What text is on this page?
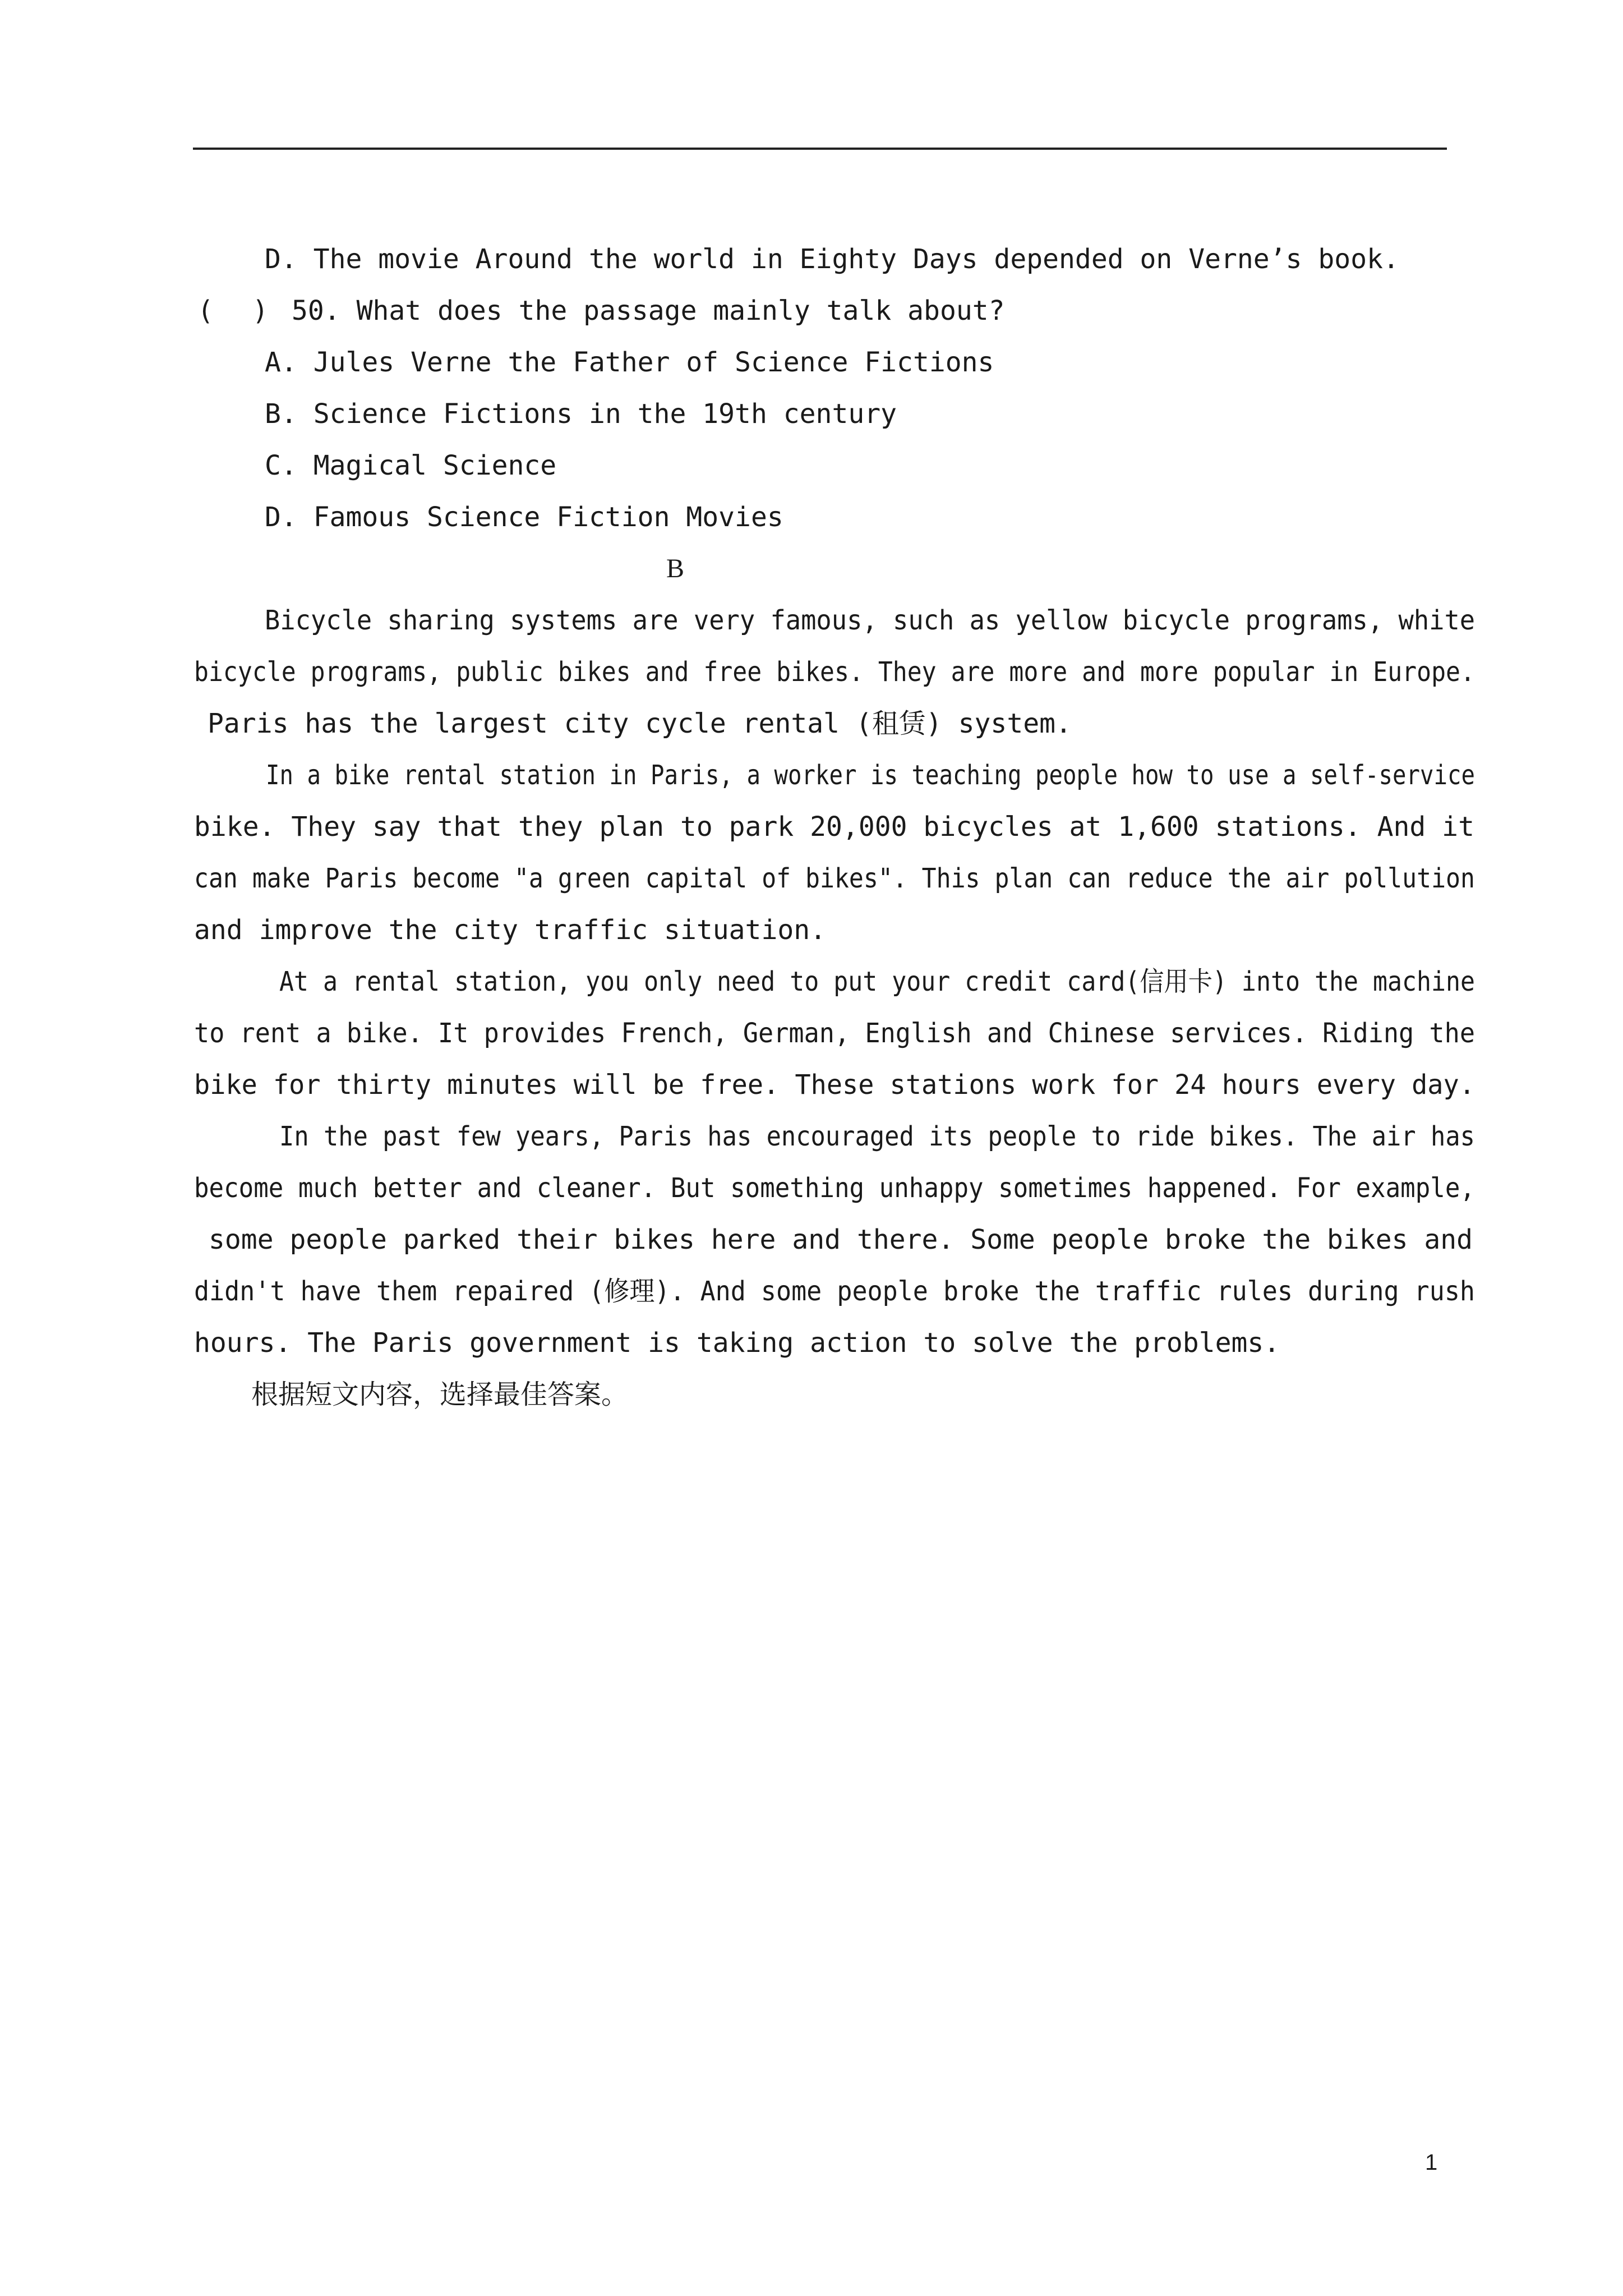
D. The movie Around the world in Eighty Days depended on Verne’s book.
( ) 50. What does the passage mainly talk about?
A. Jules Verne the Father of Science Fictions
B. Science Fictions in the 19th century
C. Magical Science
D. Famous Science Fiction Movies
B
Bicycle sharing systems are very famous, such as yellow bicycle programs, white
bicycle programs, public bikes and free bikes. They are more and more popular in Europe.
Paris has the largest city cycle rental (租赁) system.
In a bike rental station in Paris, a worker is teaching people how to use a self-service
bike. They say that they plan to park 20,000 bicycles at 1,600 stations. And it
can make Paris become "a green capital of bikes". This plan can reduce the air pollution
and improve the city traffic situation.
At a rental station, you only need to put your credit card(信用卡) into the machine
to rent a bike. It provides French, German, English and Chinese services. Riding the
bike for thirty minutes will be free. These stations work for 24 hours every day.
In the past few years, Paris has encouraged its people to ride bikes. The air has
become much better and cleaner. But something unhappy sometimes happened. For example,
some people parked their bikes here and there. Some people broke the bikes and
didn't have them repaired (修理). And some people broke the traffic rules during rush
hours. The Paris government is taking action to solve the problems.
根据短文内容，选择最佳答案。
1
